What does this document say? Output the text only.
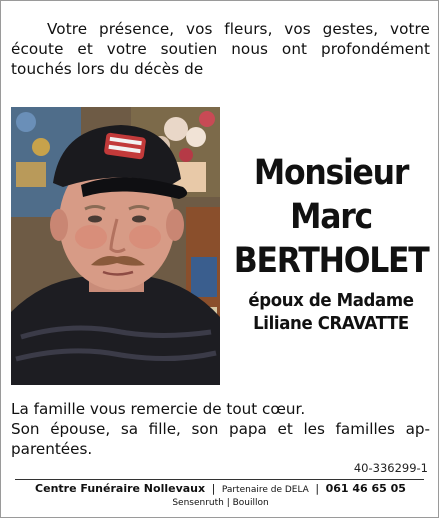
Votre présence, vos fleurs, vos gestes, votre écoute et votre soutien nous ont profondément touchés lors du décès de
Monsieur
Marc
BERTHOLET
époux de Madame
Liliane CRAVATTE

La famille vous remercie de tout cœur.

Son épouse, sa fille, son papa et les familles ap-parentées.

40-336299-1
Centre Funéraire Nollevaux | Partenaire de DELA | 061 46 65 05
Sensenruth | Bouillon
